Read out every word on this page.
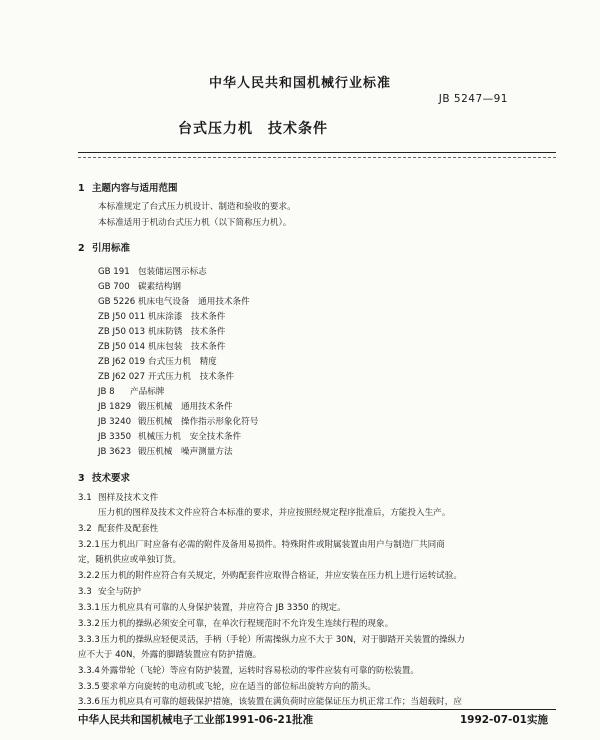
中华人民共和国机械行业标准
JB 5247—91
台式压力机　技术条件
1 主题内容与适用范围
本标准规定了台式压力机设计、制造和验收的要求。
本标准适用于机动台式压力机（以下简称压力机）。
2 引用标准
GB 191 包装储运图示标志
GB 700 碳素结构钢
GB 5226 机床电气设备　通用技术条件
ZB J50 011 机床涂漆　技术条件
ZB J50 013 机床防锈　技术条件
ZB J50 014 机床包装　技术条件
ZB J62 019 台式压力机　精度
ZB J62 027 开式压力机　技术条件
JB 8 产品标牌
JB 1829 锻压机械　通用技术条件
JB 3240 锻压机械　操作指示形象化符号
JB 3350 机械压力机　安全技术条件
JB 3623 锻压机械　噪声测量方法
3 技术要求
3.1 图样及技术文件
压力机的图样及技术文件应符合本标准的要求，并应按照经规定程序批准后，方能投入生产。
3.2 配套件及配套性
3.2.1压力机出厂时应备有必需的附件及备用易损件。特殊附件或附属装置由用户与制造厂共同商
定，随机供应或单独订货。
3.2.2压力机的附件应符合有关规定，外购配套件应取得合格证，并应安装在压力机上进行运转试验。
3.3 安全与防护
3.3.1压力机应具有可靠的人身保护装置，并应符合 JB 3350 的规定。
3.3.2压力机的操纵必须安全可靠，在单次行程规范时不允许发生连续行程的现象。
3.3.3压力机的操纵应轻便灵活，手柄（手轮）所需操纵力应不大于 30N，对于脚踏开关装置的操纵力
应不大于 40N，外露的脚踏装置应有防护措施。
3.3.4外露带轮（飞轮）等应有防护装置，运转时容易松动的零件应装有可靠的防松装置。
3.3.5要求单方向旋转的电动机或飞轮，应在适当的部位标出旋转方向的箭头。
3.3.6压力机应具有可靠的超载保护措施，该装置在满负荷时应能保证压力机正常工作；当超载时，应
中华人民共和国机械电子工业部1991-06-21批准	1992-07-01实施
